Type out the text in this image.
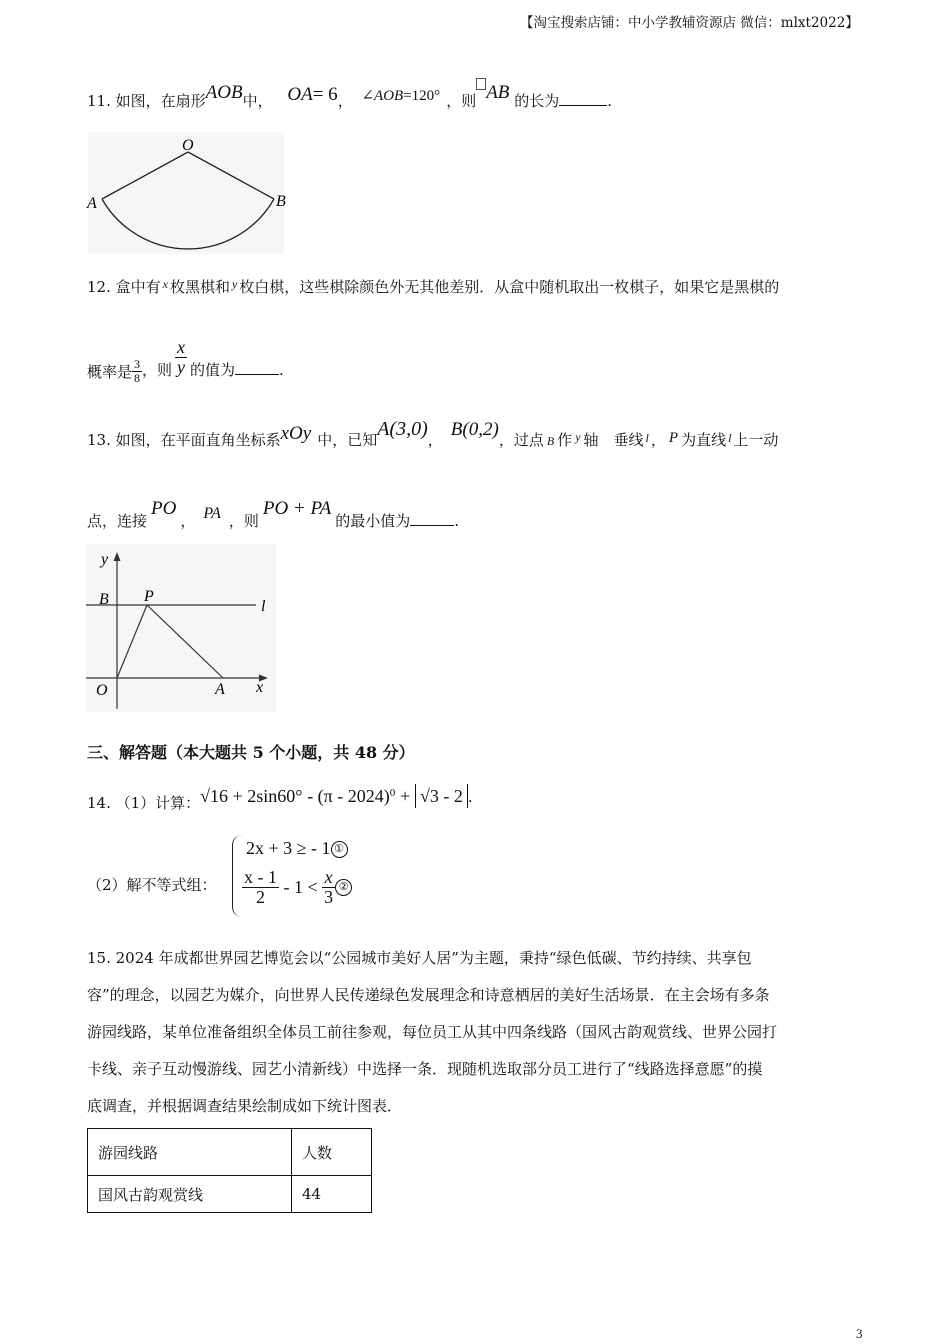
【淘宝搜索店铺：中小学教辅资源店 微信：mlxt2022】
11. 如图，在扇形AOB中， OA= 6， ∠AOB=120° ，则 AB 的长为	.
O
A	B
12. 盒中有 $^x$ 枚黑棋和 $^y$ 枚白棋，这些棋除颜色外无其他差别．从盒中随机取出一枚棋子，如果它是黑棋的
概率是 $\frac{3}{8}$ ，则 $\frac{x}{y}$ 的值为	.
13. 如图，在平面直角坐标系xOy 中，已知A(3,0)， B(0,2)，过点 B 作 $^y$ 轴　垂线 $^l$ ， P 为直线 $^l$ 上一动
点，连接PO， PA ，则PO + PA的最小值为	.
y
B P
l
O	A x
三、解答题（本大题共 5 个小题，共 48 分）
14. （1）计算：√16 + 2sin60° - (π - 2024)$^0$ + √3 - 2 .
（2）解不等式组：
2x + 3 ≥ - 1 ①
$\frac{x - 1}{2} - 1 < \frac{x}{3}$ ②
15. 2024 年成都世界园艺博览会以“公园城市美好人居”为主题，秉持“绿色低碳、节约持续、共享包
容”的理念，以园艺为媒介，向世界人民传递绿色发展理念和诗意栖居的美好生活场景．在主会场有多条
游园线路，某单位准备组织全体员工前往参观，每位员工从其中四条线路（国风古韵观赏线、世界公园打
卡线、亲子互动慢游线、园艺小清新线）中选择一条．现随机选取部分员工进行了“线路选择意愿”的摸
底调查，并根据调查结果绘制成如下统计图表．
游园线路	人数
国风古韵观赏线	44
3
